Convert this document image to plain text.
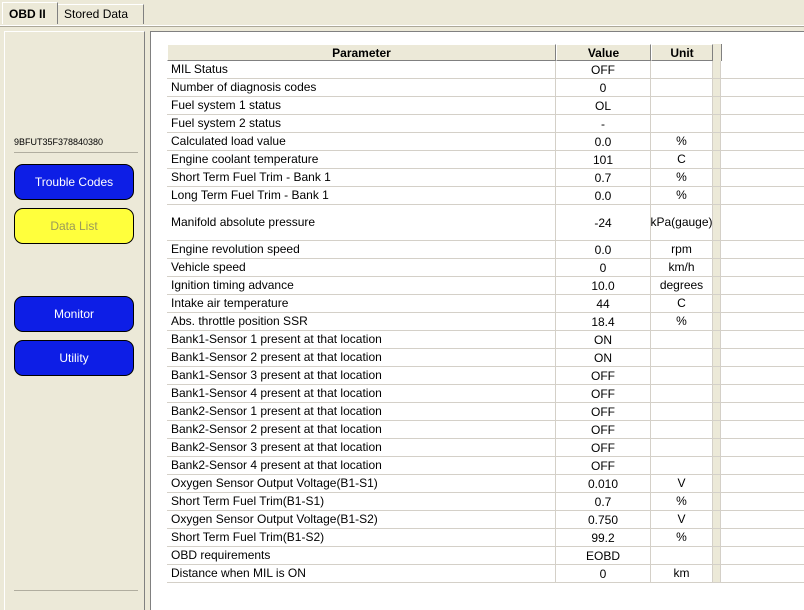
OBD II	Stored Data
9BFUT35F378840380
Trouble Codes
Data List
Monitor
Utility
Parameter	Value	Unit
MIL Status	OFF
Number of diagnosis codes	0
Fuel system 1 status	OL
Fuel system 2 status	-
Calculated load value	0.0	%
Engine coolant temperature	101	C
Short Term Fuel Trim - Bank 1	0.7	%
Long Term Fuel Trim - Bank 1	0.0	%
Manifold absolute pressure	-24	kPa(gauge)
Engine revolution speed	0.0	rpm
Vehicle speed	0	km/h
Ignition timing advance	10.0	degrees
Intake air temperature	44	C
Abs. throttle position SSR	18.4	%
Bank1-Sensor 1 present at that location	ON
Bank1-Sensor 2 present at that location	ON
Bank1-Sensor 3 present at that location	OFF
Bank1-Sensor 4 present at that location	OFF
Bank2-Sensor 1 present at that location	OFF
Bank2-Sensor 2 present at that location	OFF
Bank2-Sensor 3 present at that location	OFF
Bank2-Sensor 4 present at that location	OFF
Oxygen Sensor Output Voltage(B1-S1)	0.010	V
Short Term Fuel Trim(B1-S1)	0.7	%
Oxygen Sensor Output Voltage(B1-S2)	0.750	V
Short Term Fuel Trim(B1-S2)	99.2	%
OBD requirements	EOBD
Distance when MIL is ON	0	km
